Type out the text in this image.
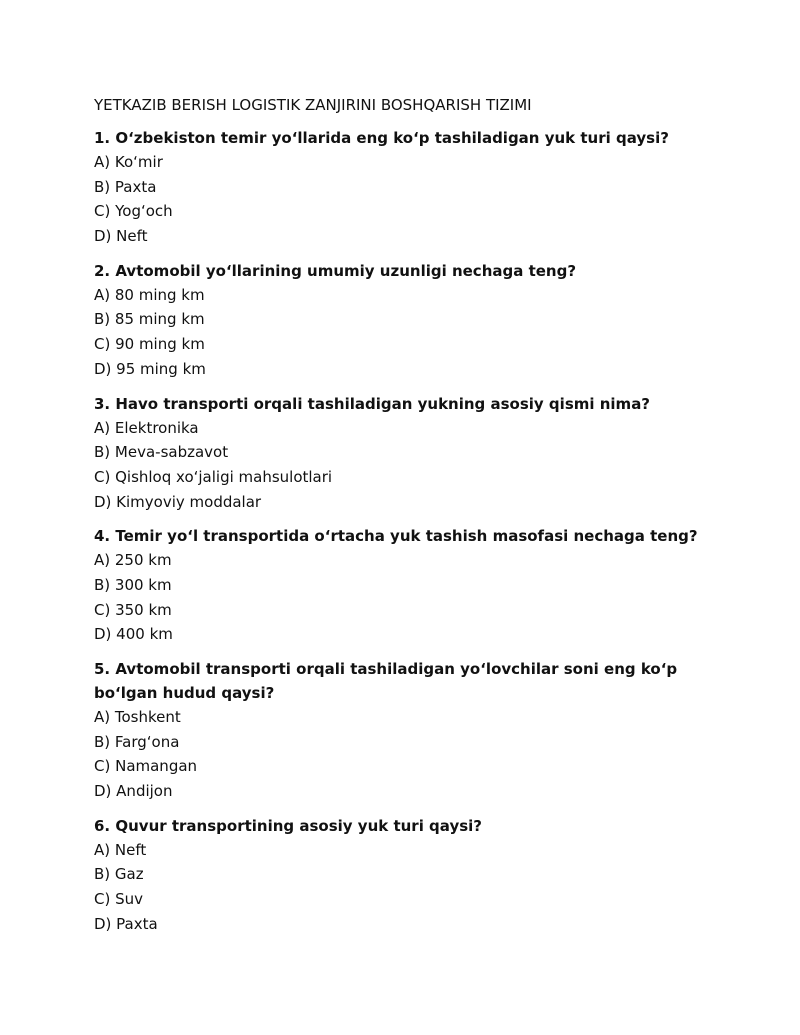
YETKAZIB BERISH LOGISTIK ZANJIRINI BOSHQARISH TIZIMI

1. O‘zbekiston temir yo‘llarida eng ko‘p tashiladigan yuk turi qaysi?

A) Ko‘mir
B) Paxta
C) Yog‘och
D) Neft

2. Avtomobil yo‘llarining umumiy uzunligi nechaga teng?

A) 80 ming km
B) 85 ming km
C) 90 ming km
D) 95 ming km

3. Havo transporti orqali tashiladigan yukning asosiy qismi nima?

A) Elektronika
B) Meva-sabzavot
C) Qishloq xo‘jaligi mahsulotlari
D) Kimyoviy moddalar

4. Temir yo‘l transportida o‘rtacha yuk tashish masofasi nechaga teng?

A) 250 km
B) 300 km
C) 350 km
D) 400 km

5. Avtomobil transporti orqali tashiladigan yo‘lovchilar soni eng ko‘p bo‘lgan hudud qaysi?

A) Toshkent
B) Farg‘ona
C) Namangan
D) Andijon

6. Quvur transportining asosiy yuk turi qaysi?

A) Neft
B) Gaz
C) Suv
D) Paxta
